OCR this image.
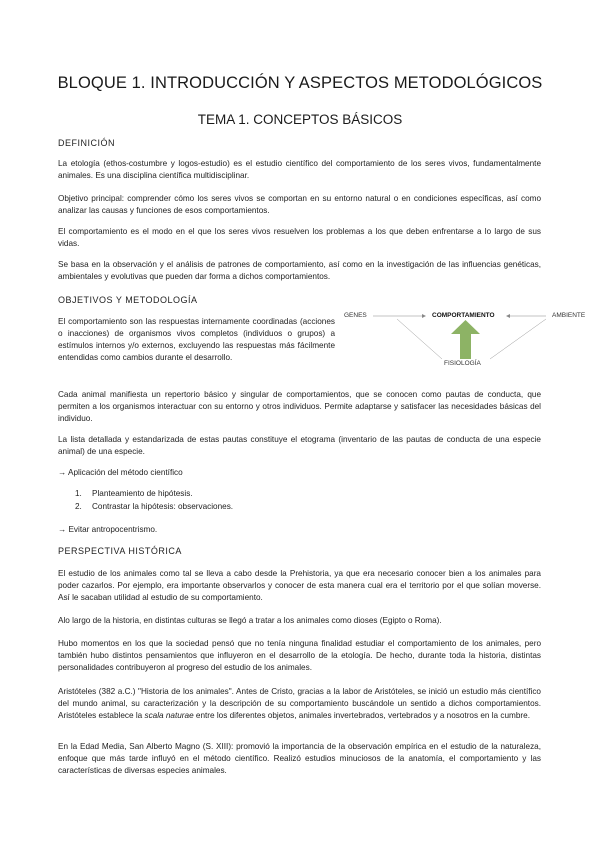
BLOQUE 1. INTRODUCCIÓN Y ASPECTOS METODOLÓGICOS
TEMA 1. CONCEPTOS BÁSICOS
DEFINICIÓN
La etología (ethos-costumbre y logos-estudio) es el estudio científico del comportamiento de los seres vivos, fundamentalmente animales. Es una disciplina científica multidisciplinar.
Objetivo principal: comprender cómo los seres vivos se comportan en su entorno natural o en condiciones específicas, así como analizar las causas y funciones de esos comportamientos.
El comportamiento es el modo en el que los seres vivos resuelven los problemas a los que deben enfrentarse a lo largo de sus vidas.
Se basa en la observación y el análisis de patrones de comportamiento, así como en la investigación de las influencias genéticas, ambientales y evolutivas que pueden dar forma a dichos comportamientos.
OBJETIVOS Y METODOLOGÍA
El comportamiento son las respuestas internamente coordinadas (acciones o inacciones) de organismos vivos completos (individuos o grupos) a estímulos internos y/o externos, excluyendo las respuestas más fácilmente entendidas como cambios durante el desarrollo.
GENES	COMPORTAMIENTO	AMBIENTE
FISIOLOGÍA
Cada animal manifiesta un repertorio básico y singular de comportamientos, que se conocen como pautas de conducta, que permiten a los organismos interactuar con su entorno y otros individuos. Permite adaptarse y satisfacer las necesidades básicas del individuo.
La lista detallada y estandarizada de estas pautas constituye el etograma (inventario de las pautas de conducta de una especie animal) de una especie.
→ Aplicación del método científico
1. Planteamiento de hipótesis.
2. Contrastar la hipótesis: observaciones.
→ Evitar antropocentrismo.
PERSPECTIVA HISTÓRICA
El estudio de los animales como tal se lleva a cabo desde la Prehistoria, ya que era necesario conocer bien a los animales para poder cazarlos. Por ejemplo, era importante observarlos y conocer de esta manera cual era el territorio por el que solían moverse. Así le sacaban utilidad al estudio de su comportamiento.
Alo largo de la historia, en distintas culturas se llegó a tratar a los animales como dioses (Egipto o Roma).
Hubo momentos en los que la sociedad pensó que no tenía ninguna finalidad estudiar el comportamiento de los animales, pero también hubo distintos pensamientos que influyeron en el desarrollo de la etología. De hecho, durante toda la historia, distintas personalidades contribuyeron al progreso del estudio de los animales.
Aristóteles (382 a.C.) "Historia de los animales". Antes de Cristo, gracias a la labor de Aristóteles, se inició un estudio más científico del mundo animal, su caracterización y la descripción de su comportamiento buscándole un sentido a dichos comportamientos. Aristóteles establece la scala naturae entre los diferentes objetos, animales invertebrados, vertebrados y a nosotros en la cumbre.
En la Edad Media, San Alberto Magno (S. XIII): promovió la importancia de la observación empírica en el estudio de la naturaleza, enfoque que más tarde influyó en el método científico. Realizó estudios minuciosos de la anatomía, el comportamiento y las características de diversas especies animales.
